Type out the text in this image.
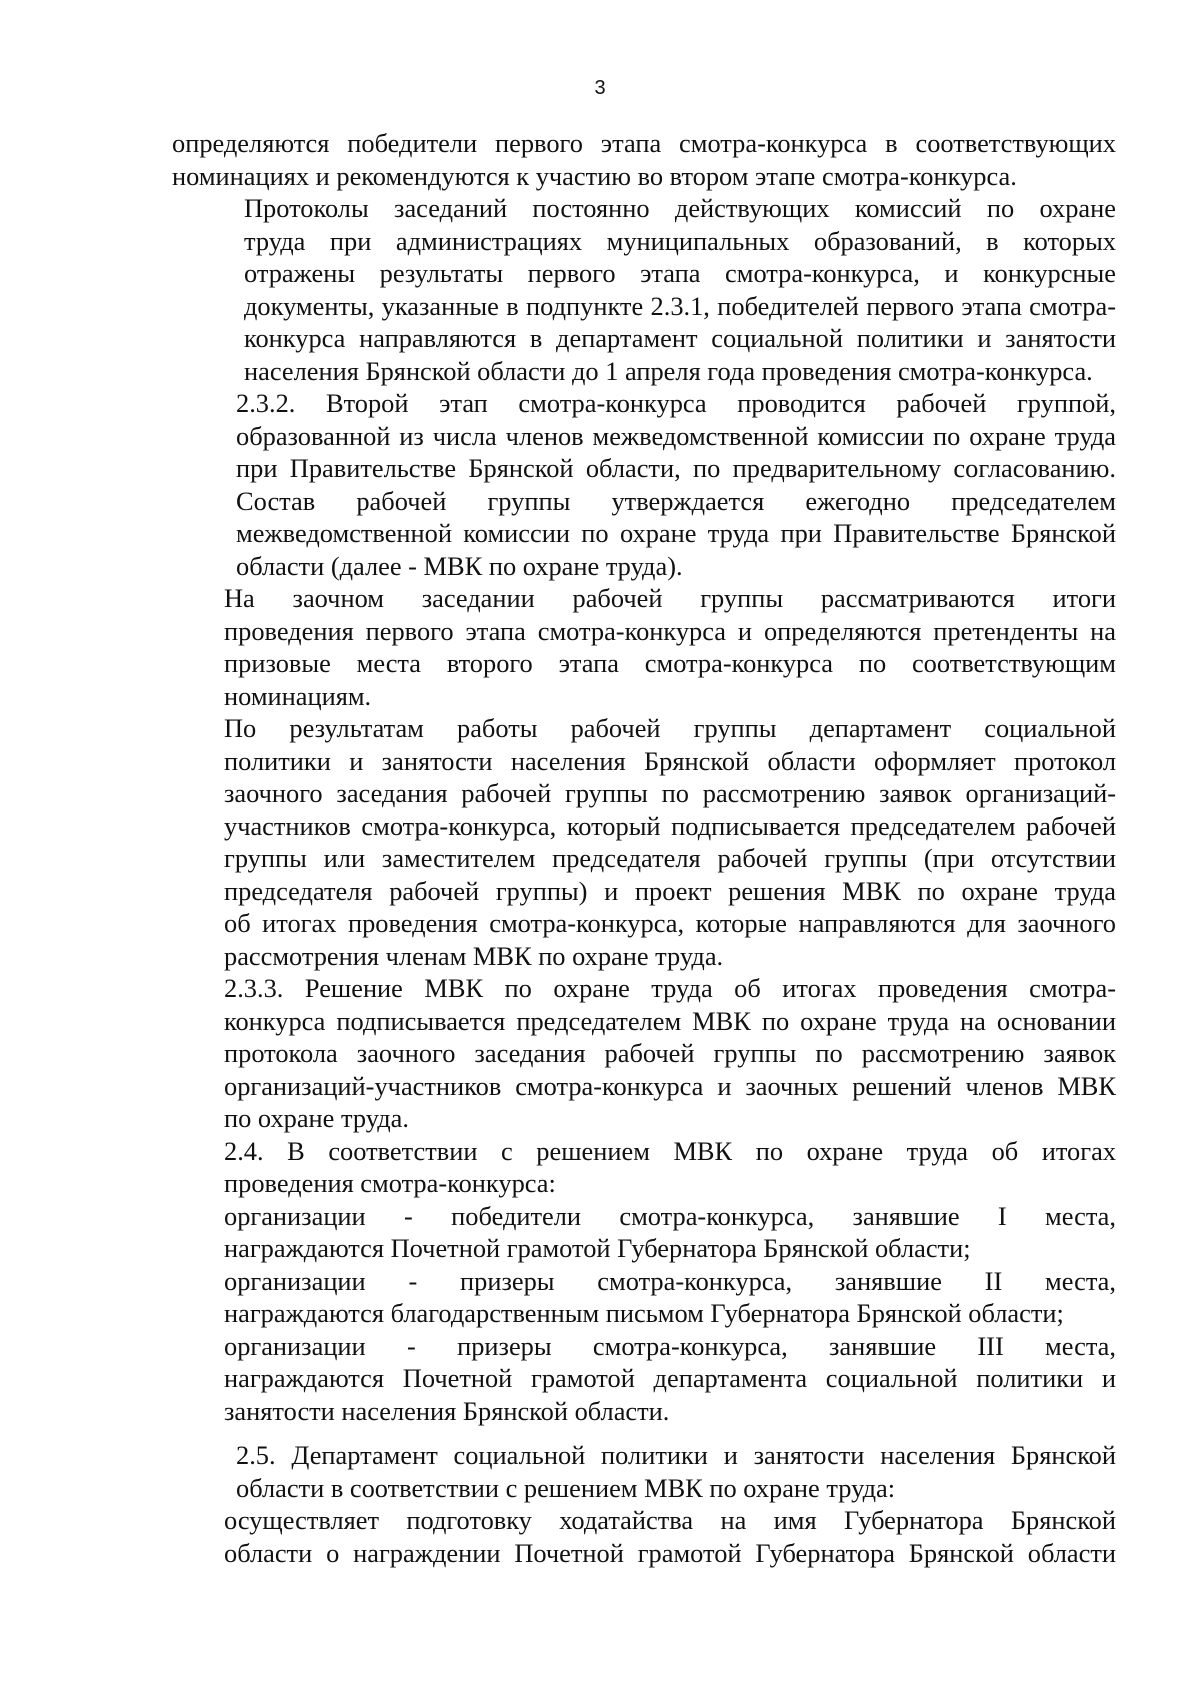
3

определяются победители первого этапа смотра-конкурса в соответствующих
номинациях и рекомендуются к участию во втором этапе смотра-конкурса.

Протоколы заседаний постоянно действующих комиссий по охране
труда при администрациях муниципальных образований, в которых
отражены результаты первого этапа смотра-конкурса, и конкурсные
документы, указанные в подпункте 2.3.1, победителей первого этапа смотра-
конкурса направляются в департамент социальной политики и занятости
населения Брянской области до 1 апреля года проведения смотра-конкурса.

2.3.2. Второй этап смотра-конкурса проводится рабочей группой,
образованной из числа членов межведомственной комиссии по охране труда
при Правительстве Брянской области, по предварительному согласованию.
Состав рабочей группы утверждается ежегодно председателем
межведомственной комиссии по охране труда при Правительстве Брянской
области (далее - МВК по охране труда).

На заочном заседании рабочей группы рассматриваются итоги
проведения первого этапа смотра-конкурса и определяются претенденты на
призовые места второго этапа смотра-конкурса по соответствующим
номинациям.

По результатам работы рабочей группы департамент социальной
политики и занятости населения Брянской области оформляет протокол
заочного заседания рабочей группы по рассмотрению заявок организаций-
участников смотра-конкурса, который подписывается председателем рабочей
группы или заместителем председателя рабочей группы (при отсутствии
председателя рабочей группы) и проект решения МВК по охране труда
об итогах проведения смотра-конкурса, которые направляются для заочного
рассмотрения членам МВК по охране труда.

2.3.3. Решение МВК по охране труда об итогах проведения смотра-
конкурса подписывается председателем МВК по охране труда на основании
протокола заочного заседания рабочей группы по рассмотрению заявок
организаций-участников смотра-конкурса и заочных решений членов МВК
по охране труда.

2.4. В соответствии с решением МВК по охране труда об итогах
проведения смотра-конкурса:

организации - победители смотра-конкурса, занявшие I места,
награждаются Почетной грамотой Губернатора Брянской области;

организации - призеры смотра-конкурса, занявшие II места,
награждаются благодарственным письмом Губернатора Брянской области;

организации - призеры смотра-конкурса, занявшие III места,
награждаются Почетной грамотой департамента социальной политики и
занятости населения Брянской области.

2.5. Департамент социальной политики и занятости населения Брянской
области в соответствии с решением МВК по охране труда:

осуществляет подготовку ходатайства на имя Губернатора Брянской
области о награждении Почетной грамотой Губернатора Брянской области
